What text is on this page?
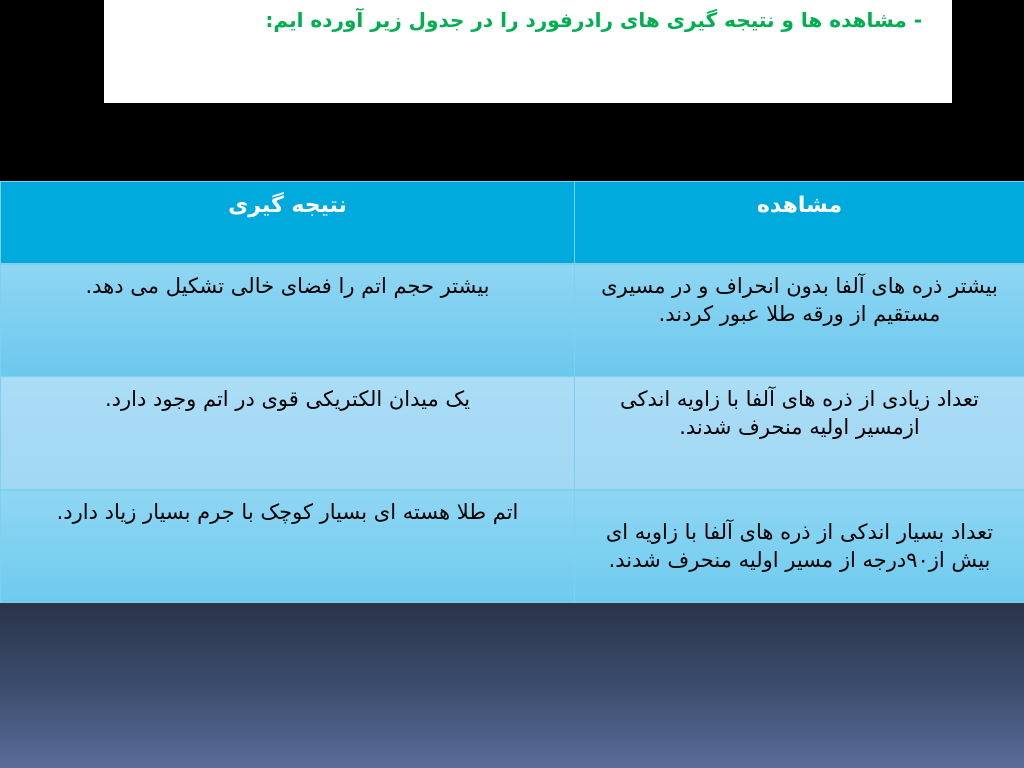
- مشاهده ها و نتیجه گیری های رادرفورد را در جدول زیر آورده ایم:
مشاهده	نتیجه گیری
بیشتر ذره های آلفا بدون انحراف و در مسیری مستقیم از ورقه طلا عبور کردند.	بیشتر حجم اتم را فضای خالی تشکیل می دهد.
تعداد زیادی از ذره های آلفا با زاویه اندکی ازمسیر اولیه منحرف شدند.	یک میدان الکتریکی قوی در اتم وجود دارد.
تعداد بسیار اندکی از ذره های آلفا با زاویه ای بیش از۹۰درجه از مسیر اولیه منحرف شدند.	اتم طلا هسته ای بسیار کوچک با جرم بسیار زیاد دارد.
